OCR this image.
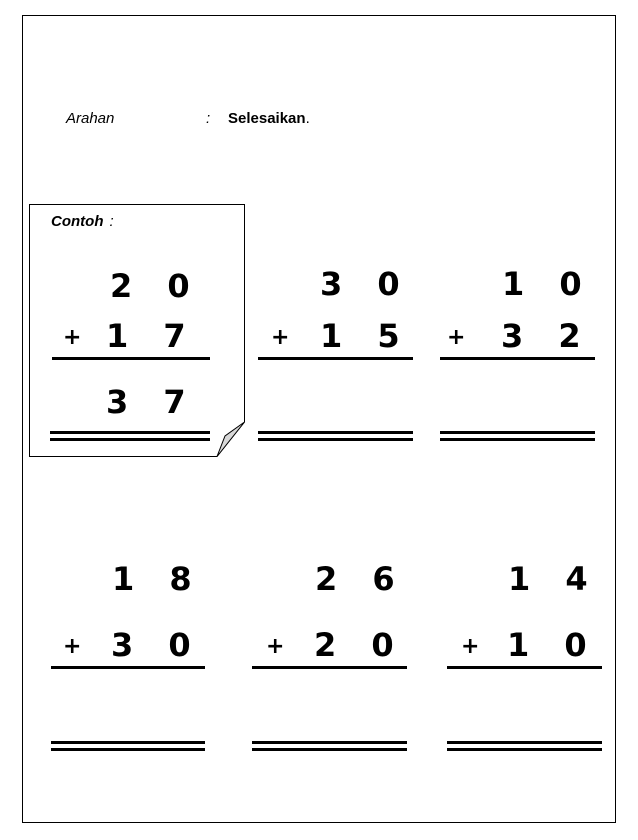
Arahan	: Selesaikan.
Contoh :
2 0
+ 1 7
3 7
3 0
+ 1 5
1 0
+ 3 2
1 8
+ 3 0
2 6
+ 2 0
1 4
+ 1 0
